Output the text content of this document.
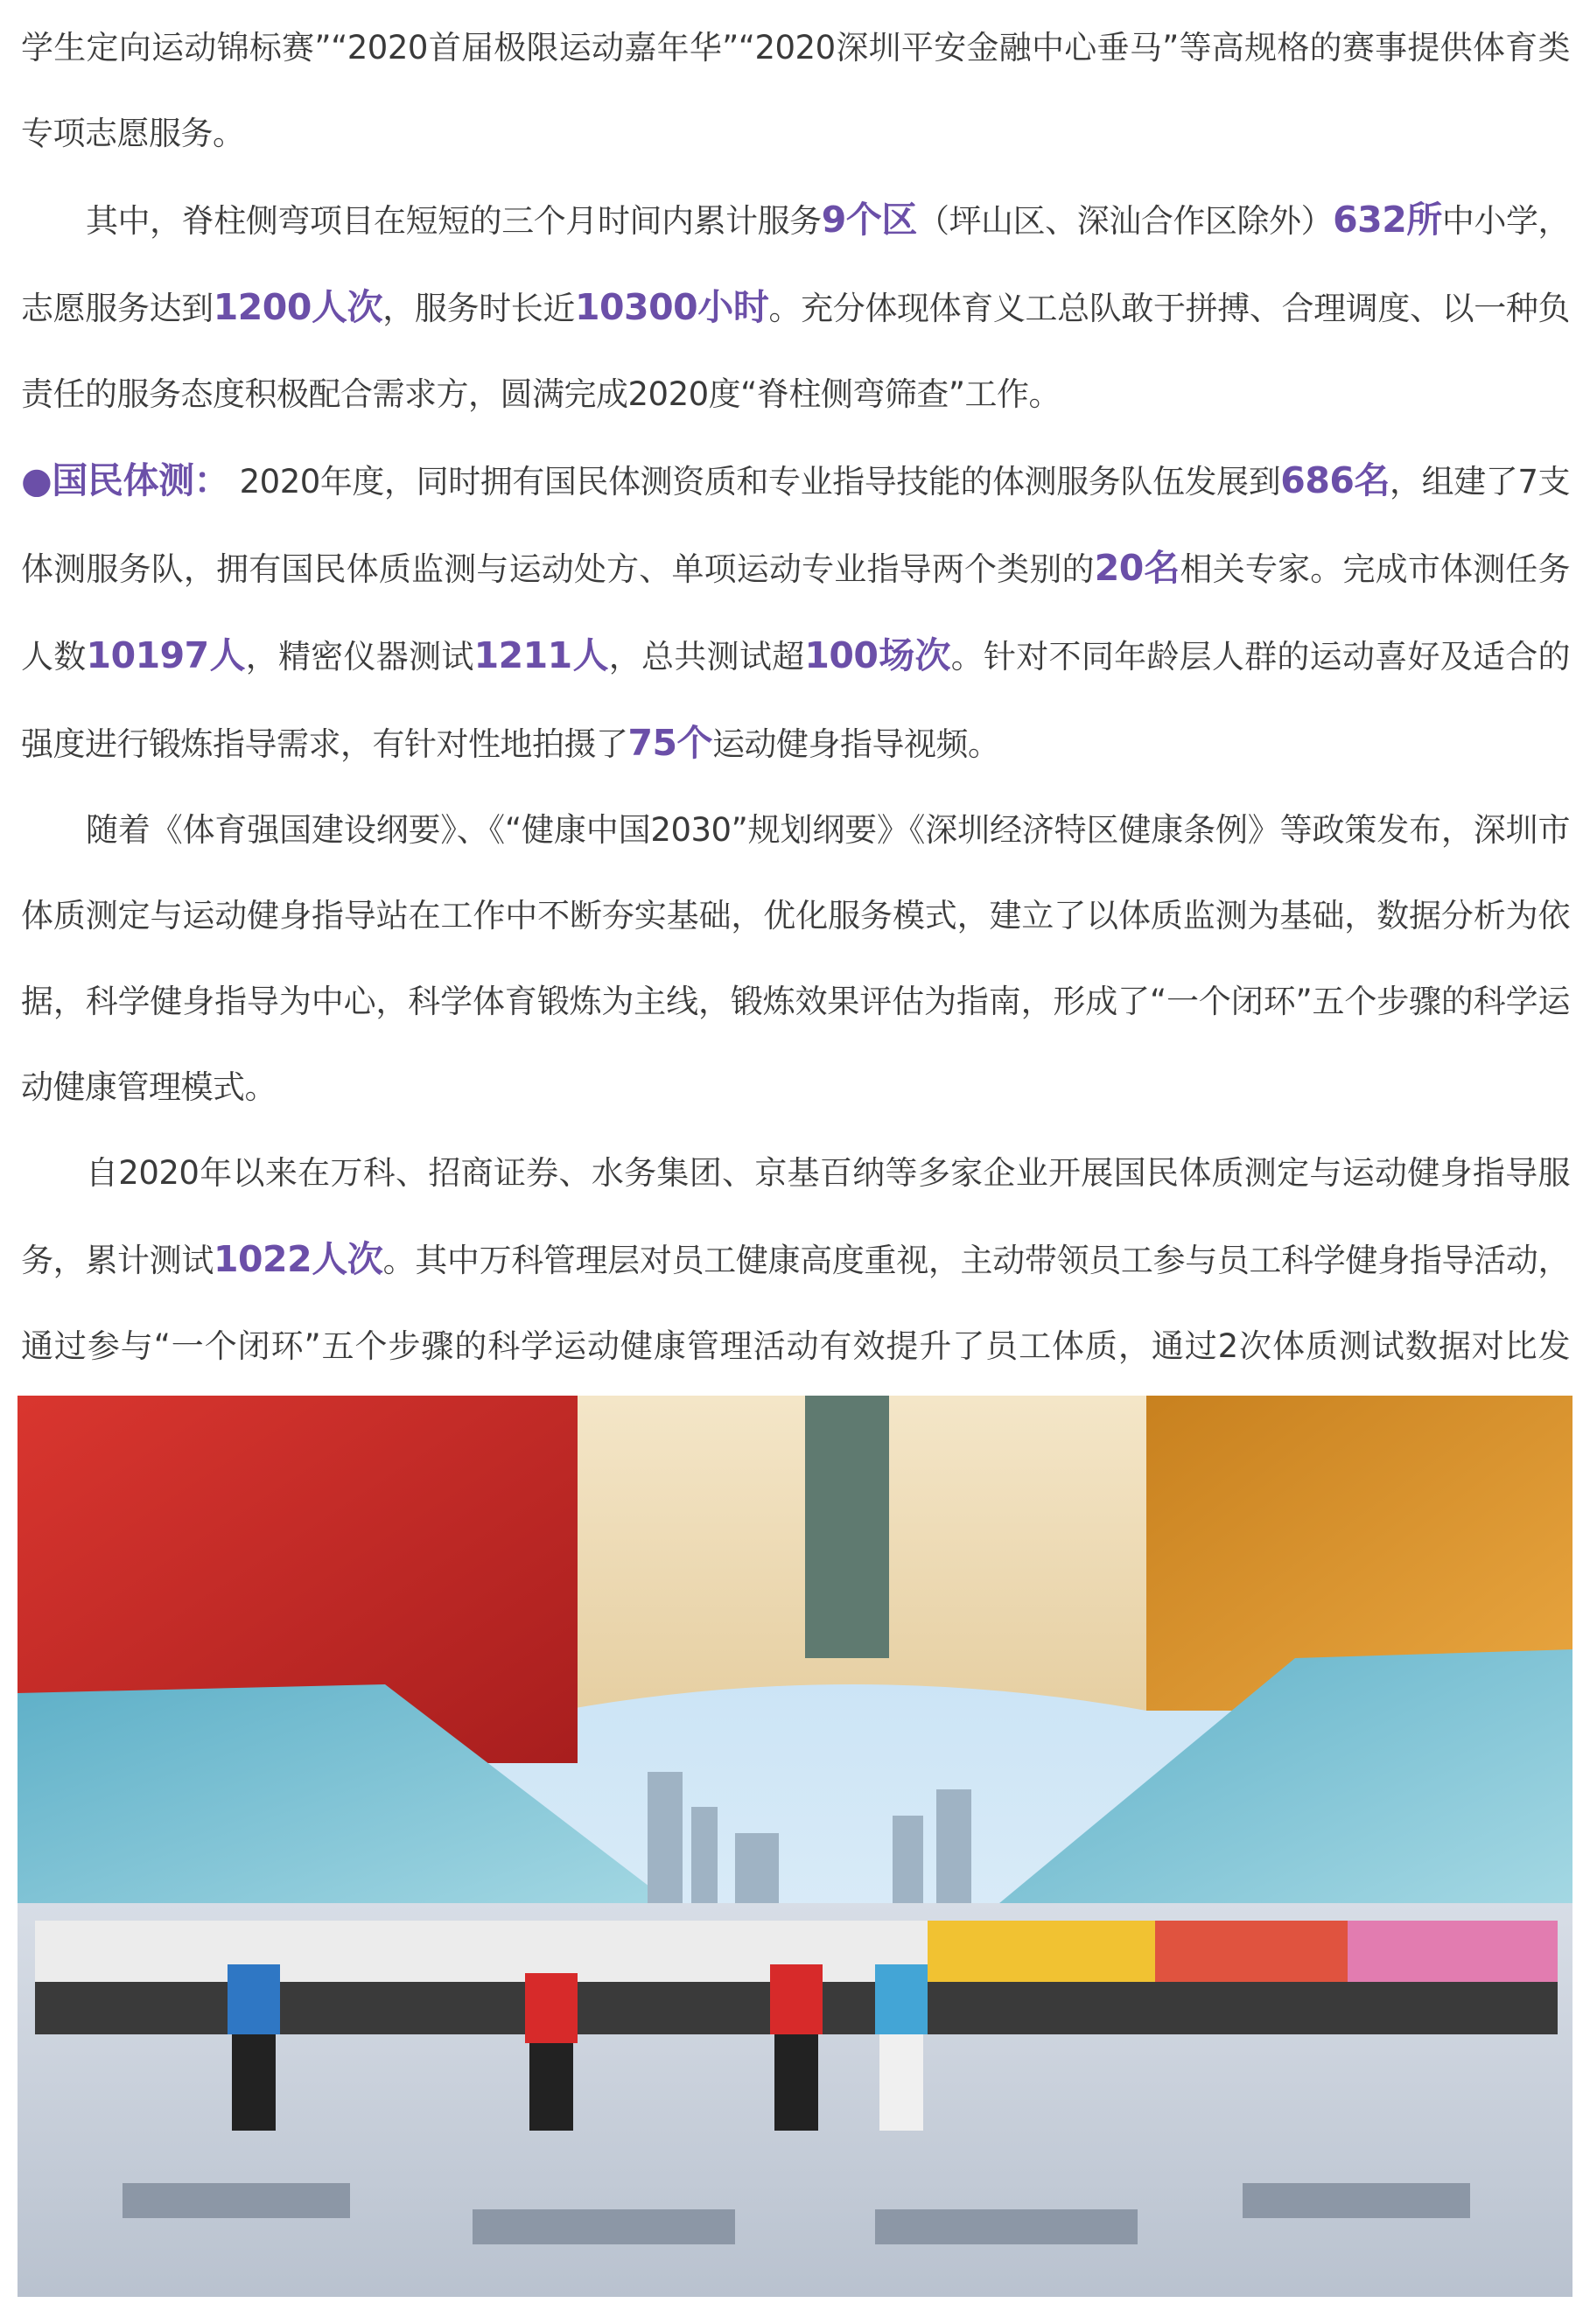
学生定向运动锦标赛”“2020首届极限运动嘉年华”“2020深圳平安金融中心垂马”等高规格的赛事提供体育类专项志愿服务。

其中，脊柱侧弯项目在短短的三个月时间内累计服务9个区（坪山区、深汕合作区除外）632所中小学，志愿服务达到1200人次，服务时长近10300小时。充分体现体育义工总队敢于拼搏、合理调度、以一种负责任的服务态度积极配合需求方，圆满完成2020度“脊柱侧弯筛查”工作。

●国民体测： 2020年度，同时拥有国民体测资质和专业指导技能的体测服务队伍发展到686名，组建了7支体测服务队，拥有国民体质监测与运动处方、单项运动专业指导两个类别的20名相关专家。完成市体测任务人数10197人，精密仪器测试1211人，总共测试超100场次。针对不同年龄层人群的运动喜好及适合的强度进行锻炼指导需求，有针对性地拍摄了75个运动健身指导视频。

随着《体育强国建设纲要》、《“健康中国2030”规划纲要》《深圳经济特区健康条例》等政策发布，深圳市体质测定与运动健身指导站在工作中不断夯实基础，优化服务模式，建立了以体质监测为基础，数据分析为依据，科学健身指导为中心，科学体育锻炼为主线，锻炼效果评估为指南，形成了“一个闭环”五个步骤的科学运动健康管理模式。

自2020年以来在万科、招商证券、水务集团、京基百纳等多家企业开展国民体质测定与运动健身指导服务，累计测试1022人次。其中万科管理层对员工健康高度重视，主动带领员工参与员工科学健身指导活动，通过参与“一个闭环”五个步骤的科学运动健康管理活动有效提升了员工体质，通过2次体质测试数据对比发
